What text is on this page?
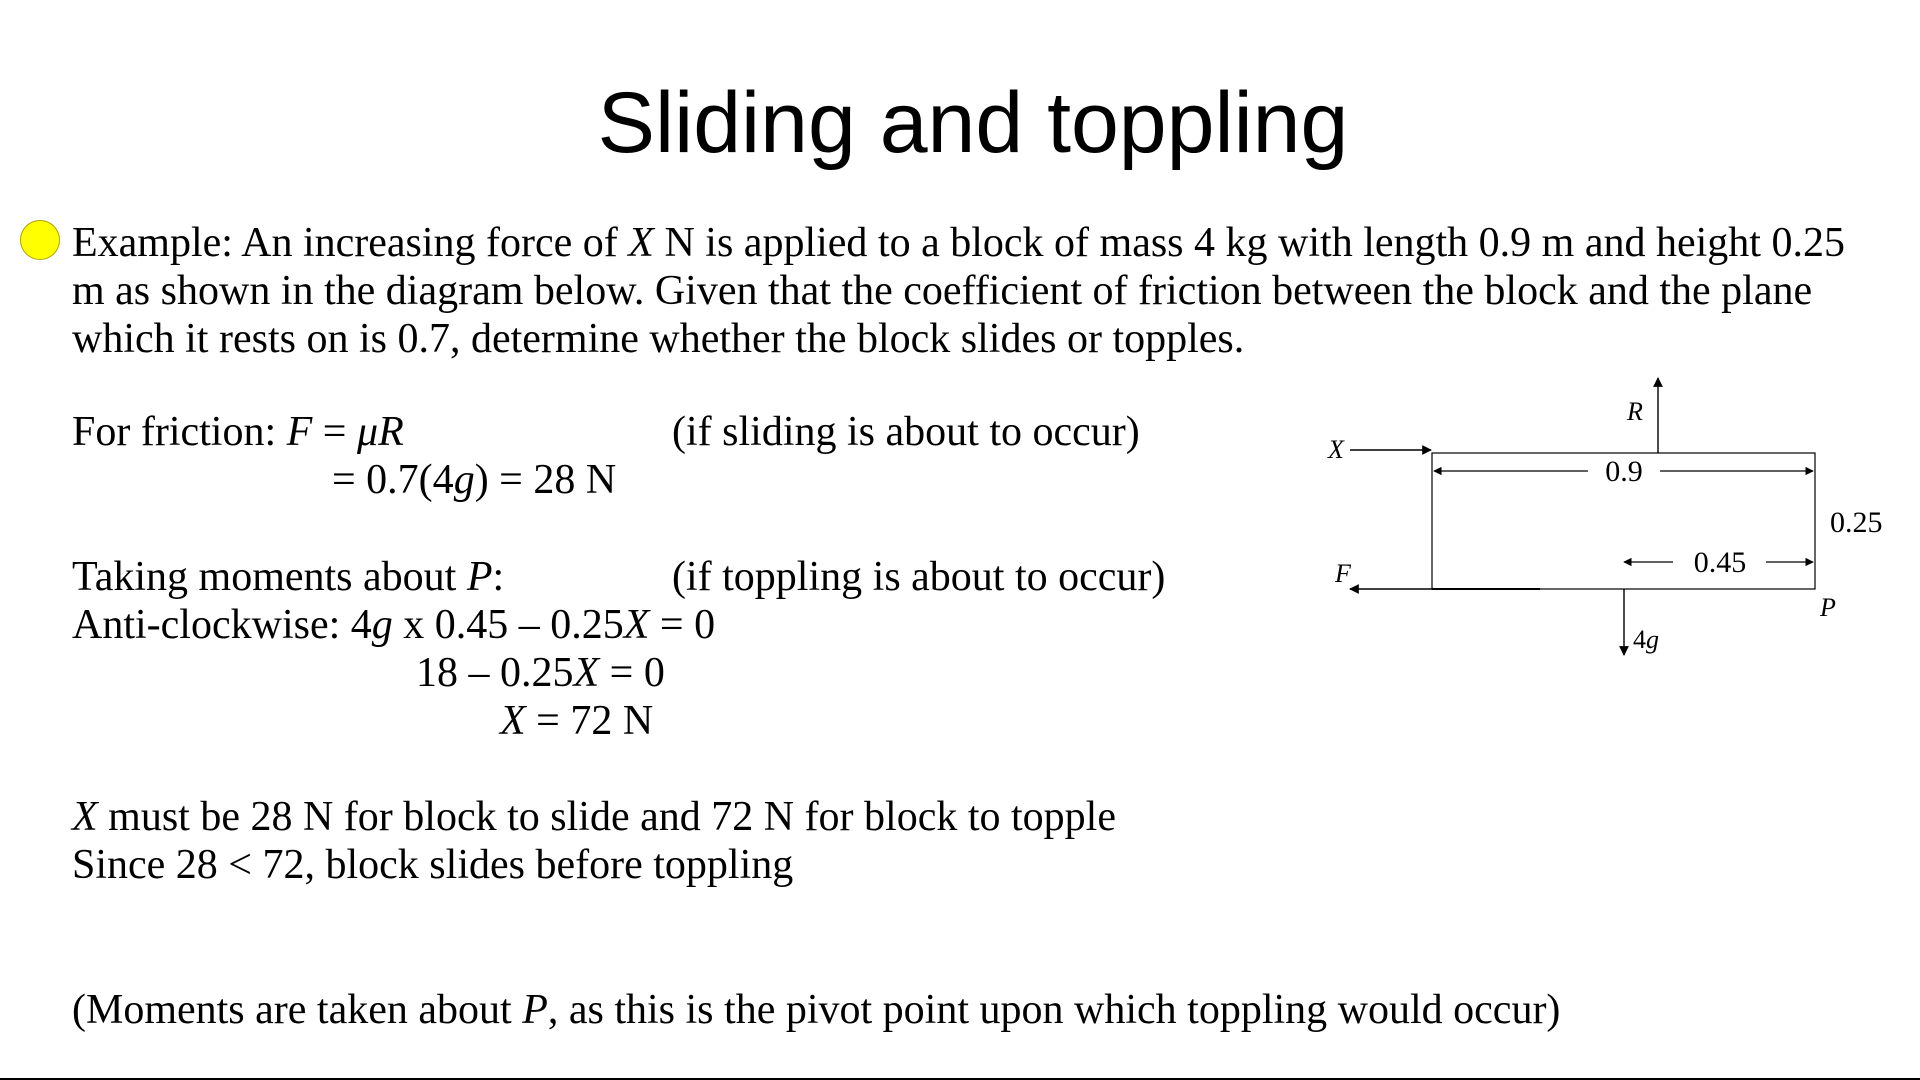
Sliding and toppling
Example: An increasing force of X N is applied to a block of mass 4 kg with length 0.9 m and height 0.25 m as shown in the diagram below. Given that the coefficient of friction between the block and the plane which it rests on is 0.7, determine whether the block slides or topples.
For friction: F = μR	(if sliding is about to occur)
= 0.7(4g) = 28 N
Taking moments about P:	(if toppling is about to occur)
Anti-clockwise: 4g x 0.45 – 0.25X = 0
18 – 0.25X = 0
X = 72 N
X must be 28 N for block to slide and 72 N for block to topple
Since 28 < 72, block slides before toppling
(Moments are taken about P, as this is the pivot point upon which toppling would occur)
R
X
F
4g
P
0.9
0.25
0.45
